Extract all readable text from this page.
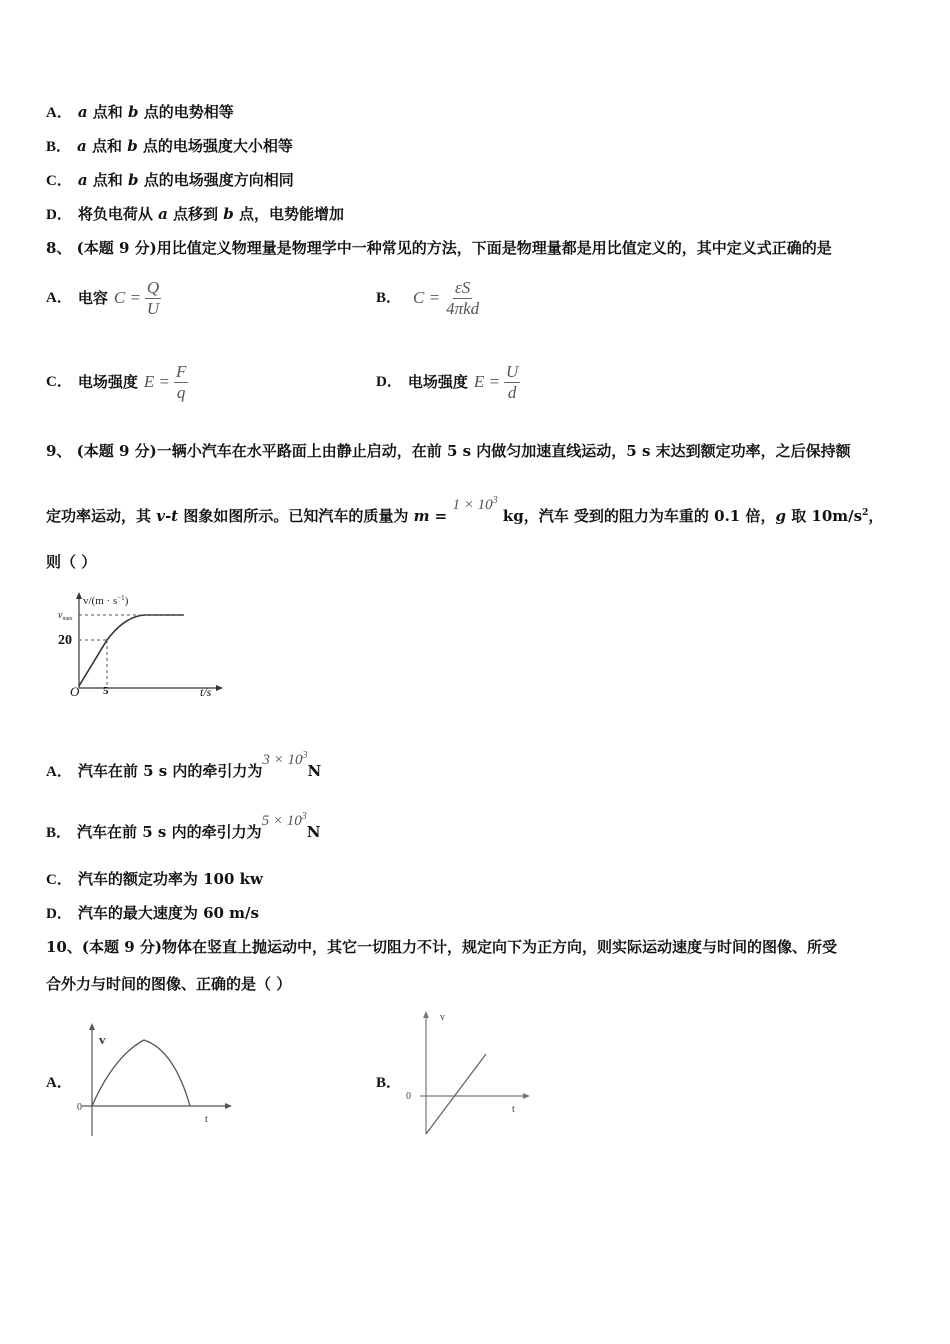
A． a 点和 b 点的电势相等
B． a 点和 b 点的电场强度大小相等
C． a 点和 b 点的电场强度方向相同
D． 将负电荷从 a 点移到 b 点，电势能增加
8、 (本题 9 分)用比值定义物理量是物理学中一种常见的方法，下面是物理量都是用比值定义的，其中定义式正确的是
A． 电容 $C = \frac{Q}{U}$	B． $C = \frac{\varepsilon S}{\text{4πkd}}$
C． 电场强度 $E = \frac{F}{q}$	D． 电场强度 $E = \frac{U}{d}$
9、 (本题 9 分)一辆小汽车在水平路面上由静止启动，在前 5 s 内做匀加速直线运动，5 s 末达到额定功率，之后保持额
定功率运动，其 v-t 图象如图所示。已知汽车的质量为 $m = 1 \times 10^3$ kg，汽车 受到的阻力为车重的 0.1 倍，g 取 $10m/s^2$，
则（ ）
$v/(m \cdot s^{-1})$
$v_{max}$
20
O 5	t/s
A． 汽车在前 5 s 内的牵引力为$3 \times 10^3N$
B． 汽车在前 5 s 内的牵引力为$5 \times 10^3N$
C． 汽车的额定功率为 100 kw
D． 汽车的最大速度为 60 m/s
10、(本题 9 分)物体在竖直上抛运动中，其它一切阻力不计，规定向下为正方向，则实际运动速度与时间的图像、所受
合外力与时间的图像、正确的是（ ）
A．
v
0
t
B．
v
0
t
